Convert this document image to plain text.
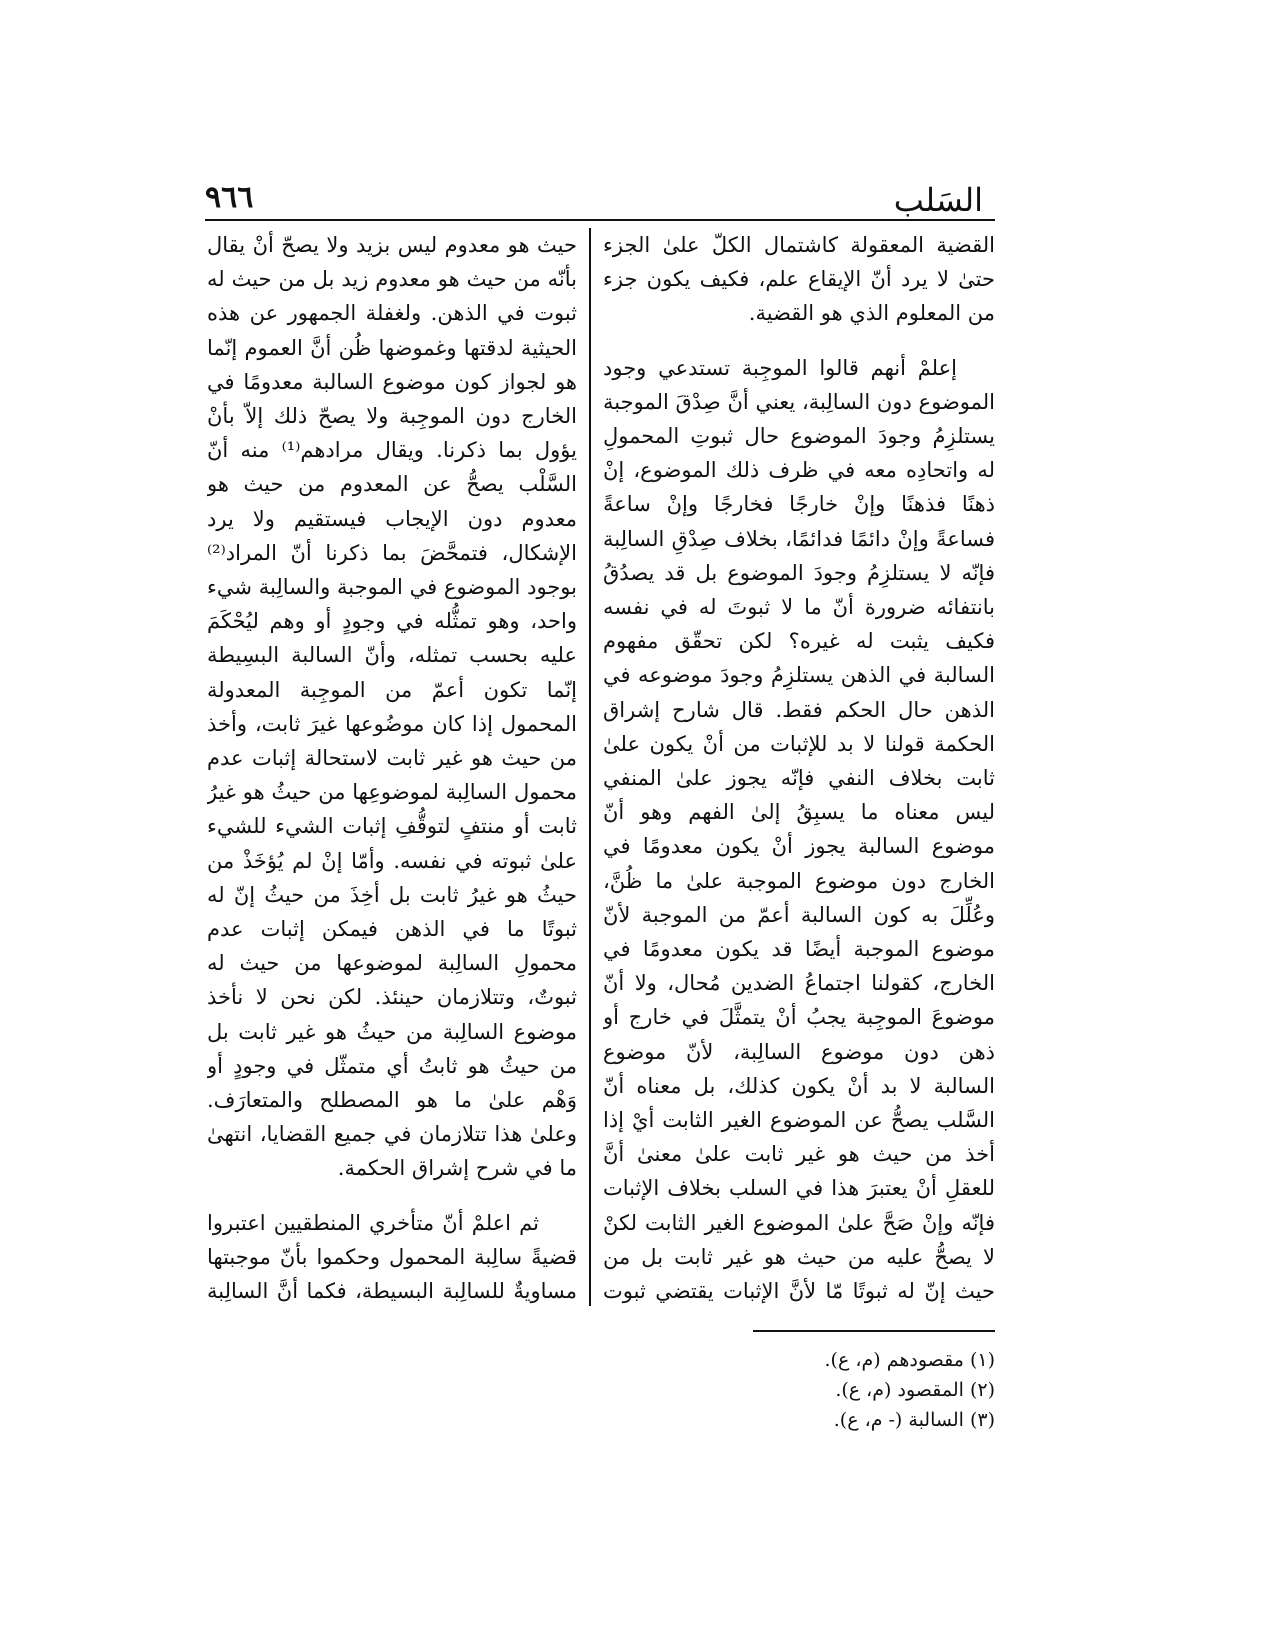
السَلب
٩٦٦

القضية المعقولة كاشتمال الكلّ علىٰ الجزء حتىٰ لا يرد أنّ الإيقاع علم، فكيف يكون جزء من المعلوم الذي هو القضية.

إعلمْ أنهم قالوا الموجِبة تستدعي وجود الموضوع دون السالِبة، يعني أنَّ صِدْقَ الموجبة يستلزِمُ وجودَ الموضوع حال ثبوتِ المحمولِ له واتحادِه معه في ظرف ذلك الموضوع، إنْ ذهنًا فذهنًا وإنْ خارجًا فخارجًا وإنْ ساعةً فساعةً وإنْ دائمًا فدائمًا، بخلاف صِدْقِ السالِبة فإنّه لا يستلزِمُ وجودَ الموضوع بل قد يصدُقُ بانتفائه ضرورة أنّ ما لا ثبوتَ له في نفسه فكيف يثبت له غيره؟ لكن تحقّق مفهوم السالبة في الذهن يستلزِمُ وجودَ موضوعه في الذهن حال الحكم فقط. قال شارح إشراق الحكمة قولنا لا بد للإثبات من أنْ يكون علىٰ ثابت بخلاف النفي فإنّه يجوز علىٰ المنفي ليس معناه ما يسبِقُ إلىٰ الفهم وهو أنّ موضوع السالبة يجوز أنْ يكون معدومًا في الخارج دون موضوع الموجبة علىٰ ما ظُنَّ، وعُلِّلَ به كون السالبة أعمّ من الموجبة لأنّ موضوع الموجبة أيضًا قد يكون معدومًا في الخارج، كقولنا اجتماعُ الضدين مُحال، ولا أنّ موضوعَ الموجِبة يجبُ أنْ يتمثَّلَ في خارج أو ذهن دون موضوع السالِبة، لأنّ موضوع السالبة لا بد أنْ يكون كذلك، بل معناه أنّ السَّلب يصحُّ عن الموضوع الغير الثابت أيْ إذا أخذ من حيث هو غير ثابت علىٰ معنىٰ أنَّ للعقلِ أنْ يعتبرَ هذا في السلب بخلاف الإثبات فإنّه وإنْ صَحَّ علىٰ الموضوع الغير الثابت لكنْ لا يصحُّ عليه من حيث هو غير ثابت بل من حيث إنّ له ثبوتًا مّا لأنَّ الإثبات يقتضي ثبوت

حيث هو معدوم ليس بزيد ولا يصحّ أنْ يقال بأنّه من حيث هو معدوم زيد بل من حيث له ثبوت في الذهن. ولغفلة الجمهور عن هذه الحيثية لدقتها وغموضها ظُن أنَّ العموم إنّما هو لجواز كون موضوع السالبة معدومًا في الخارج دون الموجِبة ولا يصحّ ذلك إلاّ بأنْ يؤول بما ذكرنا. ويقال مرادهم⁽¹⁾ منه أنّ السَّلْب يصحُّ عن المعدوم من حيث هو معدوم دون الإيجاب فيستقيم ولا يرد الإشكال، فتمحَّضَ بما ذكرنا أنّ المراد⁽²⁾ بوجود الموضوع في الموجبة والسالِبة شيء واحد، وهو تمثُّله في وجودٍ أو وهم ليُحْكَمَ عليه بحسب تمثله، وأنّ السالبة البسِيطة إنّما تكون أعمّ من الموجِبة المعدولة المحمول إذا كان موضُوعها غيرَ ثابت، وأخذ من حيث هو غير ثابت لاستحالة إثبات عدم محمول السالِبة لموضوعِها من حيثُ هو غيرُ ثابت أو منتفٍ لتوقُّفِ إثبات الشيء للشيء علىٰ ثبوته في نفسه. وأمّا إنْ لم يُؤخَذْ من حيثُ هو غيرُ ثابت بل أخِذَ من حيثُ إنّ له ثبوتًا ما في الذهن فيمكن إثبات عدم محمولِ السالِبة لموضوعها من حيث له ثبوتٌ، وتتلازمان حينئذ. لكن نحن لا نأخذ موضوع السالِبة من حيثُ هو غير ثابت بل من حيثُ هو ثابتُ أي متمثّل في وجودٍ أو وَهْم علىٰ ما هو المصطلح والمتعارَف. وعلىٰ هذا تتلازمان في جميع القضايا، انتهىٰ ما في شرح إشراق الحكمة.

ثم اعلمْ أنّ متأخري المنطقيين اعتبروا قضيةً سالِبة المحمول وحكموا بأنّ موجبتها مساويةٌ للسالِبة البسيطة، فكما أنَّ السالِبة

(١) مقصودهم (م، ع).
(٢) المقصود (م، ع).
(٣) السالبة (- م، ع).
